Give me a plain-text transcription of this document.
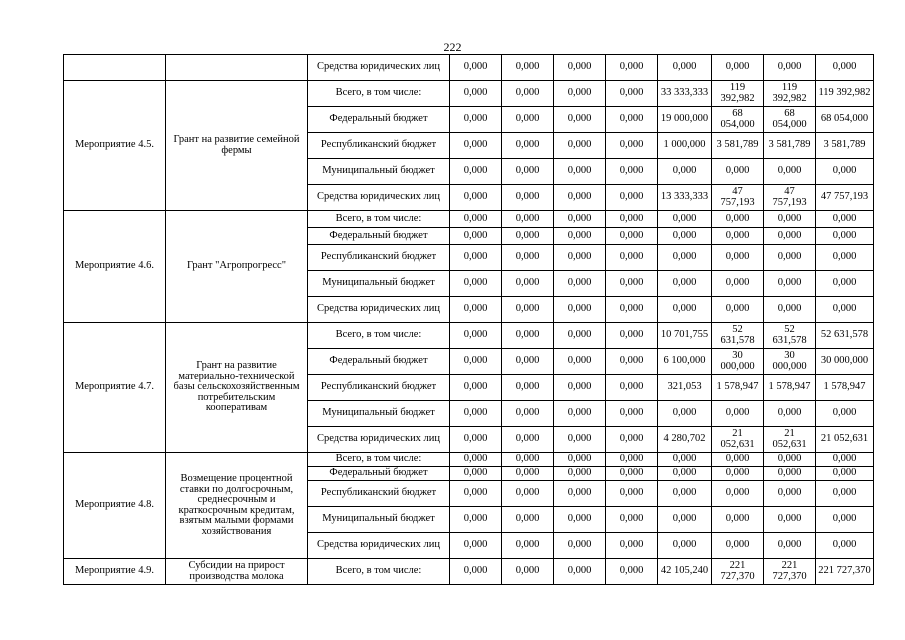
222
		Средства юридических лиц	0,000	0,000	0,000	0,000	0,000	0,000	0,000	0,000
Мероприятие 4.5.	Грант на развитие семейной фермы	Всего, в том числе:	0,000	0,000	0,000	0,000	33 333,333	119 392,982	119 392,982	119 392,982
		Федеральный бюджет	0,000	0,000	0,000	0,000	19 000,000	68 054,000	68 054,000	68 054,000
		Республиканский бюджет	0,000	0,000	0,000	0,000	1 000,000	3 581,789	3 581,789	3 581,789
		Муниципальный бюджет	0,000	0,000	0,000	0,000	0,000	0,000	0,000	0,000
		Средства юридических лиц	0,000	0,000	0,000	0,000	13 333,333	47 757,193	47 757,193	47 757,193
Мероприятие 4.6.	Грант "Агропрогресс"	Всего, в том числе:	0,000	0,000	0,000	0,000	0,000	0,000	0,000	0,000
		Федеральный бюджет	0,000	0,000	0,000	0,000	0,000	0,000	0,000	0,000
		Республиканский бюджет	0,000	0,000	0,000	0,000	0,000	0,000	0,000	0,000
		Муниципальный бюджет	0,000	0,000	0,000	0,000	0,000	0,000	0,000	0,000
		Средства юридических лиц	0,000	0,000	0,000	0,000	0,000	0,000	0,000	0,000
Мероприятие 4.7.	Грант на развитие материально-технической базы сельскохозяйственным потребительским кооперативам	Всего, в том числе:	0,000	0,000	0,000	0,000	10 701,755	52 631,578	52 631,578	52 631,578
		Федеральный бюджет	0,000	0,000	0,000	0,000	6 100,000	30 000,000	30 000,000	30 000,000
		Республиканский бюджет	0,000	0,000	0,000	0,000	321,053	1 578,947	1 578,947	1 578,947
		Муниципальный бюджет	0,000	0,000	0,000	0,000	0,000	0,000	0,000	0,000
		Средства юридических лиц	0,000	0,000	0,000	0,000	4 280,702	21 052,631	21 052,631	21 052,631
Мероприятие 4.8.	Возмещение процентной ставки по долгосрочным, среднесрочным и краткосрочным кредитам, взятым малыми формами хозяйствования	Всего, в том числе:	0,000	0,000	0,000	0,000	0,000	0,000	0,000	0,000
		Федеральный бюджет	0,000	0,000	0,000	0,000	0,000	0,000	0,000	0,000
		Республиканский бюджет	0,000	0,000	0,000	0,000	0,000	0,000	0,000	0,000
		Муниципальный бюджет	0,000	0,000	0,000	0,000	0,000	0,000	0,000	0,000
		Средства юридических лиц	0,000	0,000	0,000	0,000	0,000	0,000	0,000	0,000
Мероприятие 4.9.	Субсидии на прирост производства молока	Всего, в том числе:	0,000	0,000	0,000	0,000	42 105,240	221 727,370	221 727,370	221 727,370
